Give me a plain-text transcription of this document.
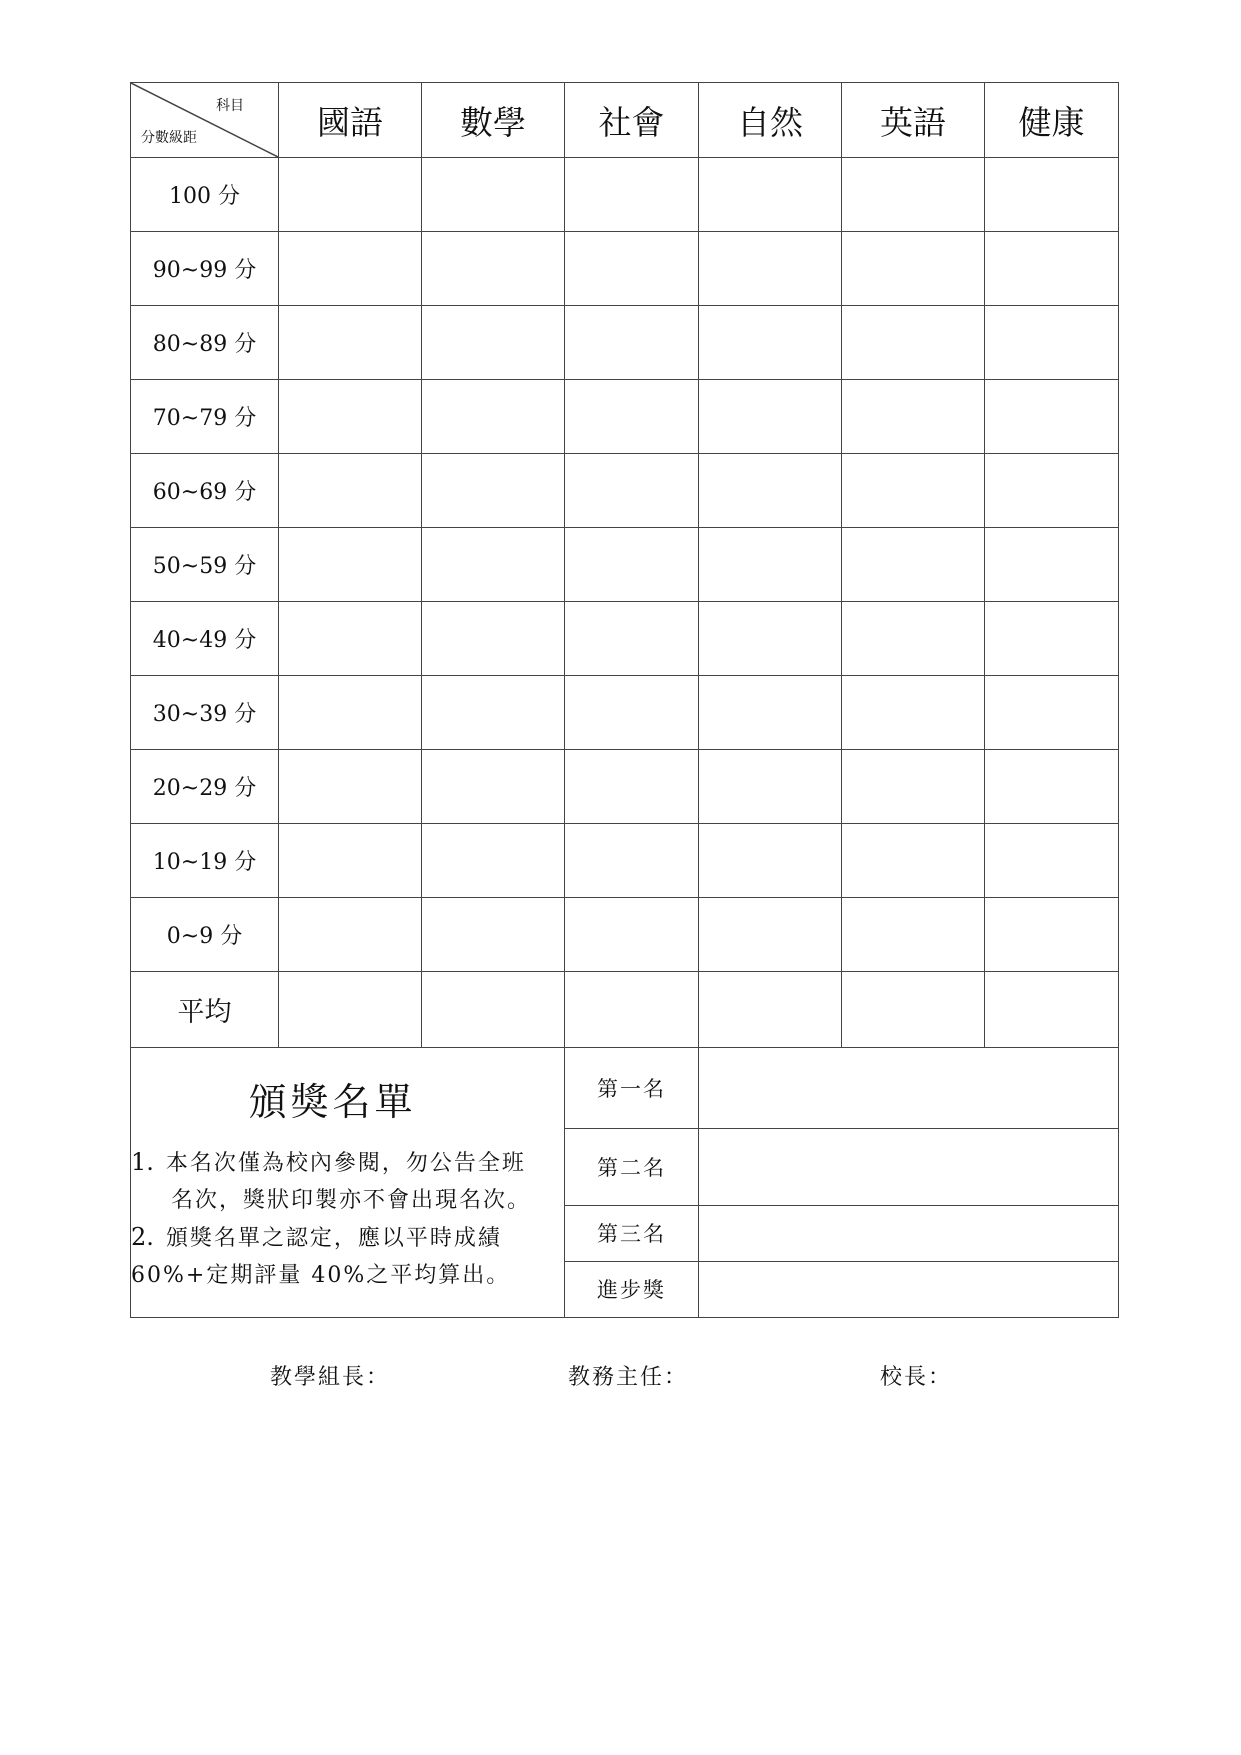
科目
分數級距	國語	數學	社會	自然	英語	健康
100 分						
90~99 分						
80~89 分						
70~79 分						
60~69 分						
50~59 分						
40~49 分						
30~39 分						
20~29 分						
10~19 分						
0~9 分						
平均						
頒獎名單
1. 本名次僅為校內參閱，勿公告全班
名次，獎狀印製亦不會出現名次。
2. 頒獎名單之認定，應以平時成績
60%+定期評量 40%之平均算出。	第一名	
	第二名	
	第三名	
	進步獎	
教學組長：	教務主任：	校長：
